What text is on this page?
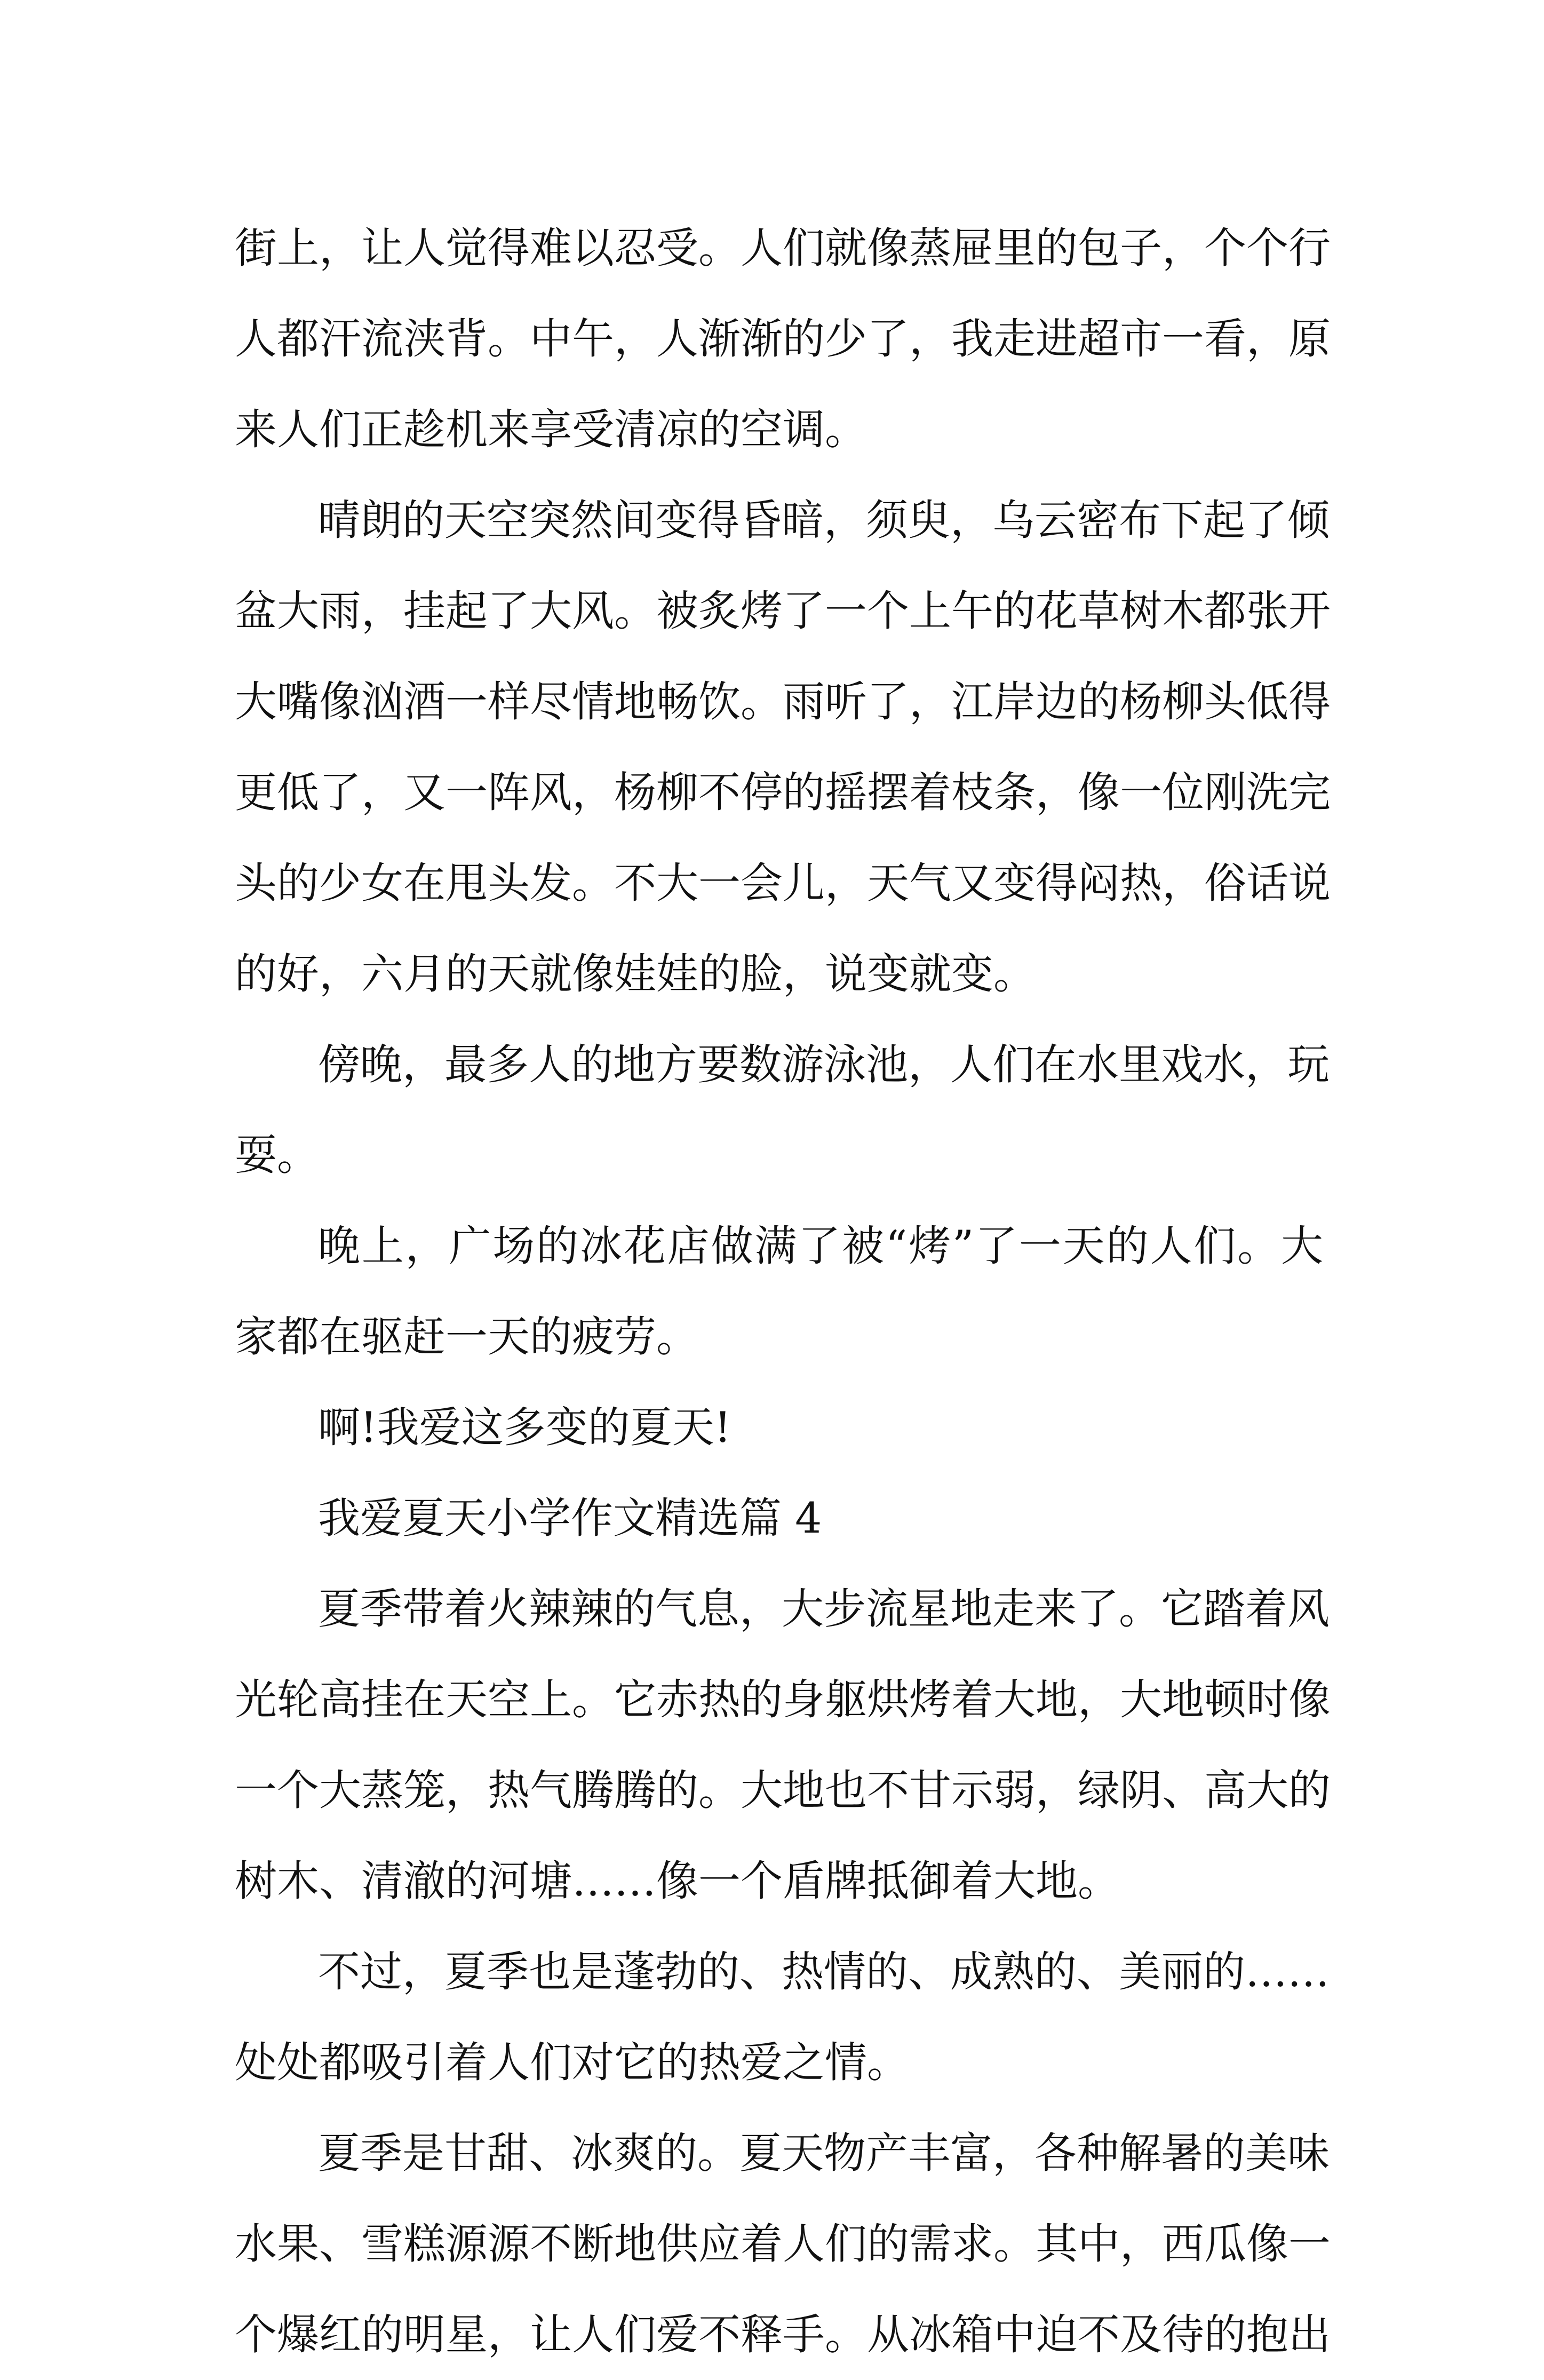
街上，让人觉得难以忍受。人们就像蒸屉里的包子，个个行
人都汗流浃背。中午，人渐渐的少了，我走进超市一看，原
来人们正趁机来享受清凉的空调。
晴朗的天空突然间变得昏暗，须臾，乌云密布下起了倾
盆大雨，挂起了大风。被炙烤了一个上午的花草树木都张开
大嘴像汹酒一样尽情地畅饮。雨听了，江岸边的杨柳头低得
更低了，又一阵风，杨柳不停的摇摆着枝条，像一位刚洗完
头的少女在甩头发。不大一会儿，天气又变得闷热，俗话说
的好，六月的天就像娃娃的脸，说变就变。
傍晚，最多人的地方要数游泳池，人们在水里戏水，玩
耍。
晚上，广场的冰花店做满了被“烤”了一天的人们。大
家都在驱赶一天的疲劳。
啊!我爱这多变的夏天!
我爱夏天小学作文精选篇 4
夏季带着火辣辣的气息，大步流星地走来了。它踏着风
光轮高挂在天空上。它赤热的身躯烘烤着大地，大地顿时像
一个大蒸笼，热气腾腾的。大地也不甘示弱，绿阴、高大的
树木、清澈的河塘……像一个盾牌抵御着大地。
不过，夏季也是蓬勃的、热情的、成熟的、美丽的……
处处都吸引着人们对它的热爱之情。
夏季是甘甜、冰爽的。夏天物产丰富，各种解暑的美味
水果、雪糕源源不断地供应着人们的需求。其中，西瓜像一
个爆红的明星，让人们爱不释手。从冰箱中迫不及待的抱出
